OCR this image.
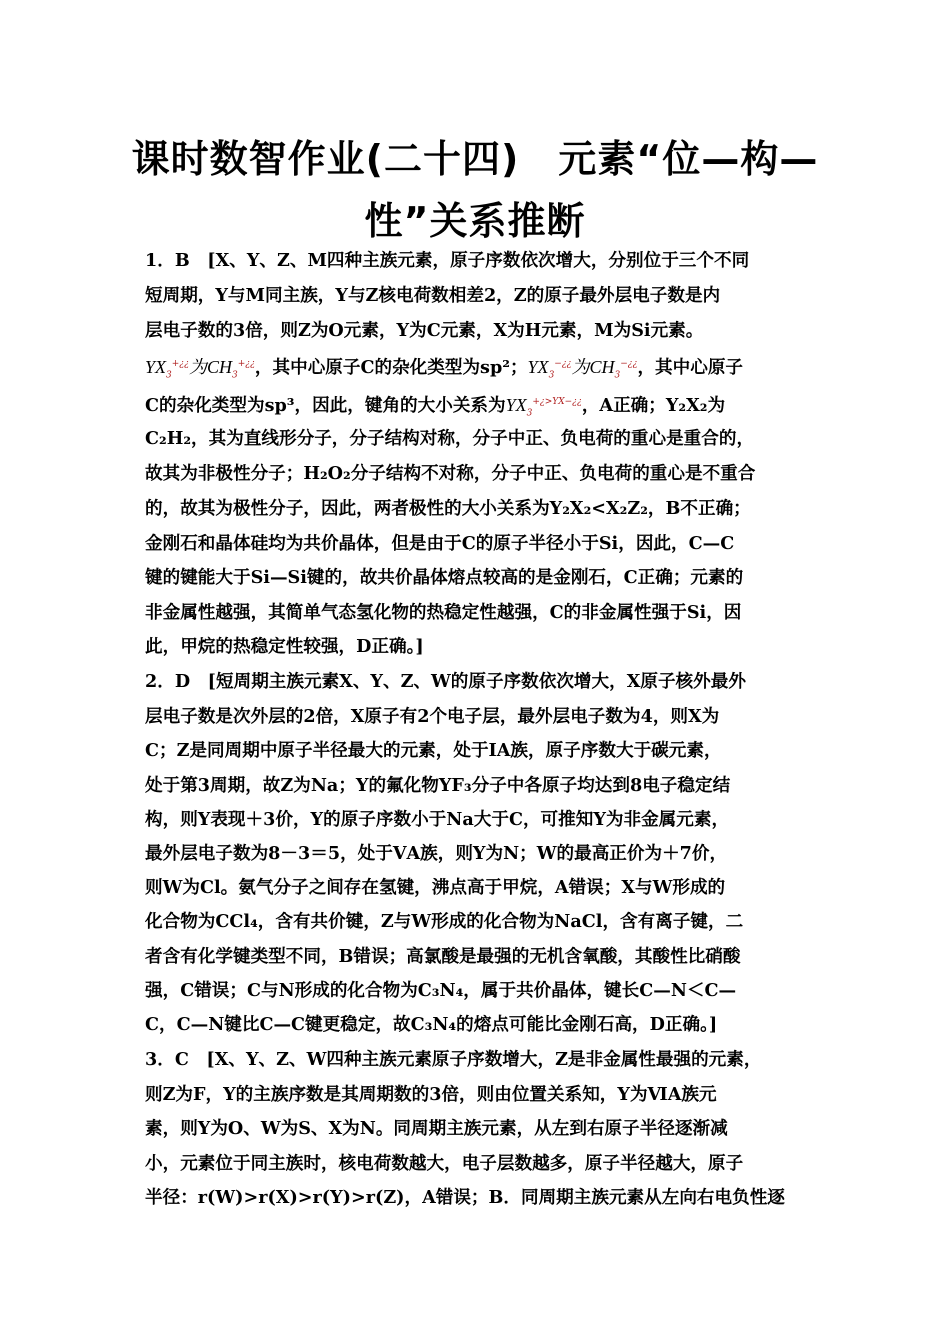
课时数智作业(二十四)　元素“位—构—
性”关系推断
1．B　[X、Y、Z、M四种主族元素，原子序数依次增大，分别位于三个不同
短周期，Y与M同主族，Y与Z核电荷数相差2，Z的原子最外层电子数是内
层电子数的3倍，则Z为O元素，Y为C元素，X为H元素，M为Si元素。
$YX_3^{+¿¿}$为$CH_3^{+¿¿}$，其中心原子C的杂化类型为sp²；$YX_3^{-¿¿}$为$CH_3^{-¿¿}$，其中心原子
C的杂化类型为sp³，因此，键角的大小关系为$YX_3^{+¿>YX-¿¿}$，A正确；Y₂X₂为
C₂H₂，其为直线形分子，分子结构对称，分子中正、负电荷的重心是重合的，
故其为非极性分子；H₂O₂分子结构不对称，分子中正、负电荷的重心是不重合
的，故其为极性分子，因此，两者极性的大小关系为Y₂X₂<X₂Z₂，B不正确；
金刚石和晶体硅均为共价晶体，但是由于C的原子半径小于Si，因此，C—C
键的键能大于Si—Si键的，故共价晶体熔点较高的是金刚石，C正确；元素的
非金属性越强，其简单气态氢化物的热稳定性越强，C的非金属性强于Si，因
此，甲烷的热稳定性较强，D正确。]
2．D　[短周期主族元素X、Y、Z、W的原子序数依次增大，X原子核外最外
层电子数是次外层的2倍，X原子有2个电子层，最外层电子数为4，则X为
C；Z是同周期中原子半径最大的元素，处于ⅠA族，原子序数大于碳元素，
处于第3周期，故Z为Na；Y的氟化物YF₃分子中各原子均达到8电子稳定结
构，则Y表现＋3价，Y的原子序数小于Na大于C，可推知Y为非金属元素，
最外层电子数为8－3＝5，处于ⅤA族，则Y为N；W的最高正价为＋7价，
则W为Cl。氨气分子之间存在氢键，沸点高于甲烷，A错误；X与W形成的
化合物为CCl₄，含有共价键，Z与W形成的化合物为NaCl，含有离子键，二
者含有化学键类型不同，B错误；高氯酸是最强的无机含氧酸，其酸性比硝酸
强，C错误；C与N形成的化合物为C₃N₄，属于共价晶体，键长C—N＜C—
C，C—N键比C—C键更稳定，故C₃N₄的熔点可能比金刚石高，D正确。]
3．C　[X、Y、Z、W四种主族元素原子序数增大，Z是非金属性最强的元素，
则Z为F，Y的主族序数是其周期数的3倍，则由位置关系知，Y为ⅥA族元
素，则Y为O、W为S、X为N。同周期主族元素，从左到右原子半径逐渐减
小，元素位于同主族时，核电荷数越大，电子层数越多，原子半径越大，原子
半径：r(W)>r(X)>r(Y)>r(Z)，A错误；B．同周期主族元素从左向右电负性逐
